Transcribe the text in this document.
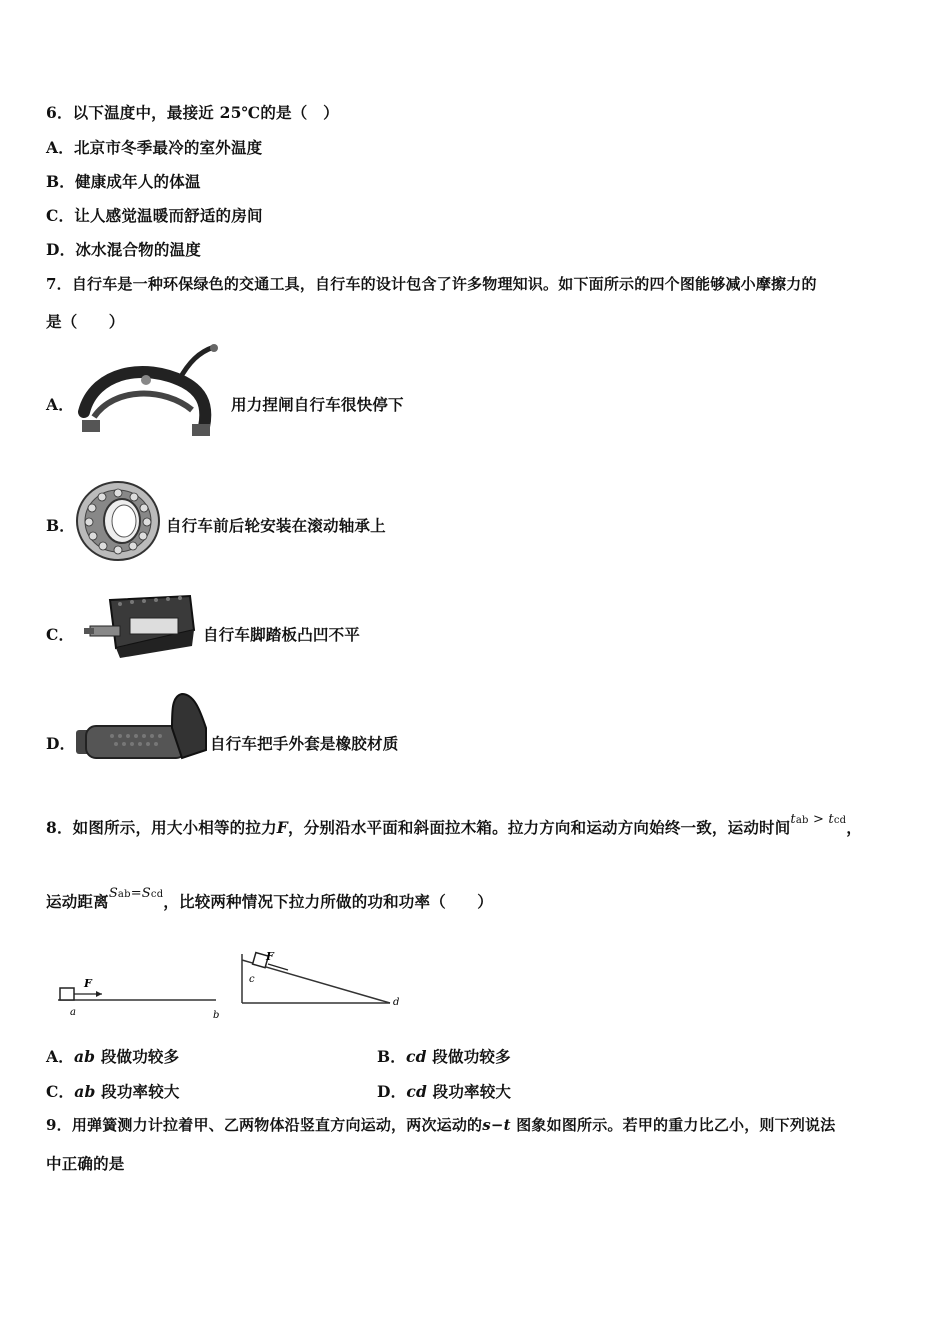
6．以下温度中，最接近 25℃的是（　）
A．北京市冬季最冷的室外温度
B．健康成年人的体温
C．让人感觉温暖而舒适的房间
D．冰水混合物的温度
7．自行车是一种环保绿色的交通工具，自行车的设计包含了许多物理知识。如下面所示的四个图能够减小摩擦力的
是（　　）
A．	用力捏闸自行车很快停下
B．	自行车前后轮安装在滚动轴承上
C．	自行车脚踏板凸凹不平
D．	自行车把手外套是橡胶材质
8．如图所示，用大小相等的拉力F，分别沿水平面和斜面拉木箱。拉力方向和运动方向始终一致，运动时间$^{tab > tcd}$，
运动距离$^{Sab=Scd}$，比较两种情况下拉力所做的功和功率（　　）
F
a	b
F
c
d
A．ab 段做功较多	B．cd 段做功较多
C．ab 段功率较大	D．cd 段功率较大
9．用弹簧测力计拉着甲、乙两物体沿竖直方向运动，两次运动的s−t 图象如图所示。若甲的重力比乙小，则下列说法
中正确的是
